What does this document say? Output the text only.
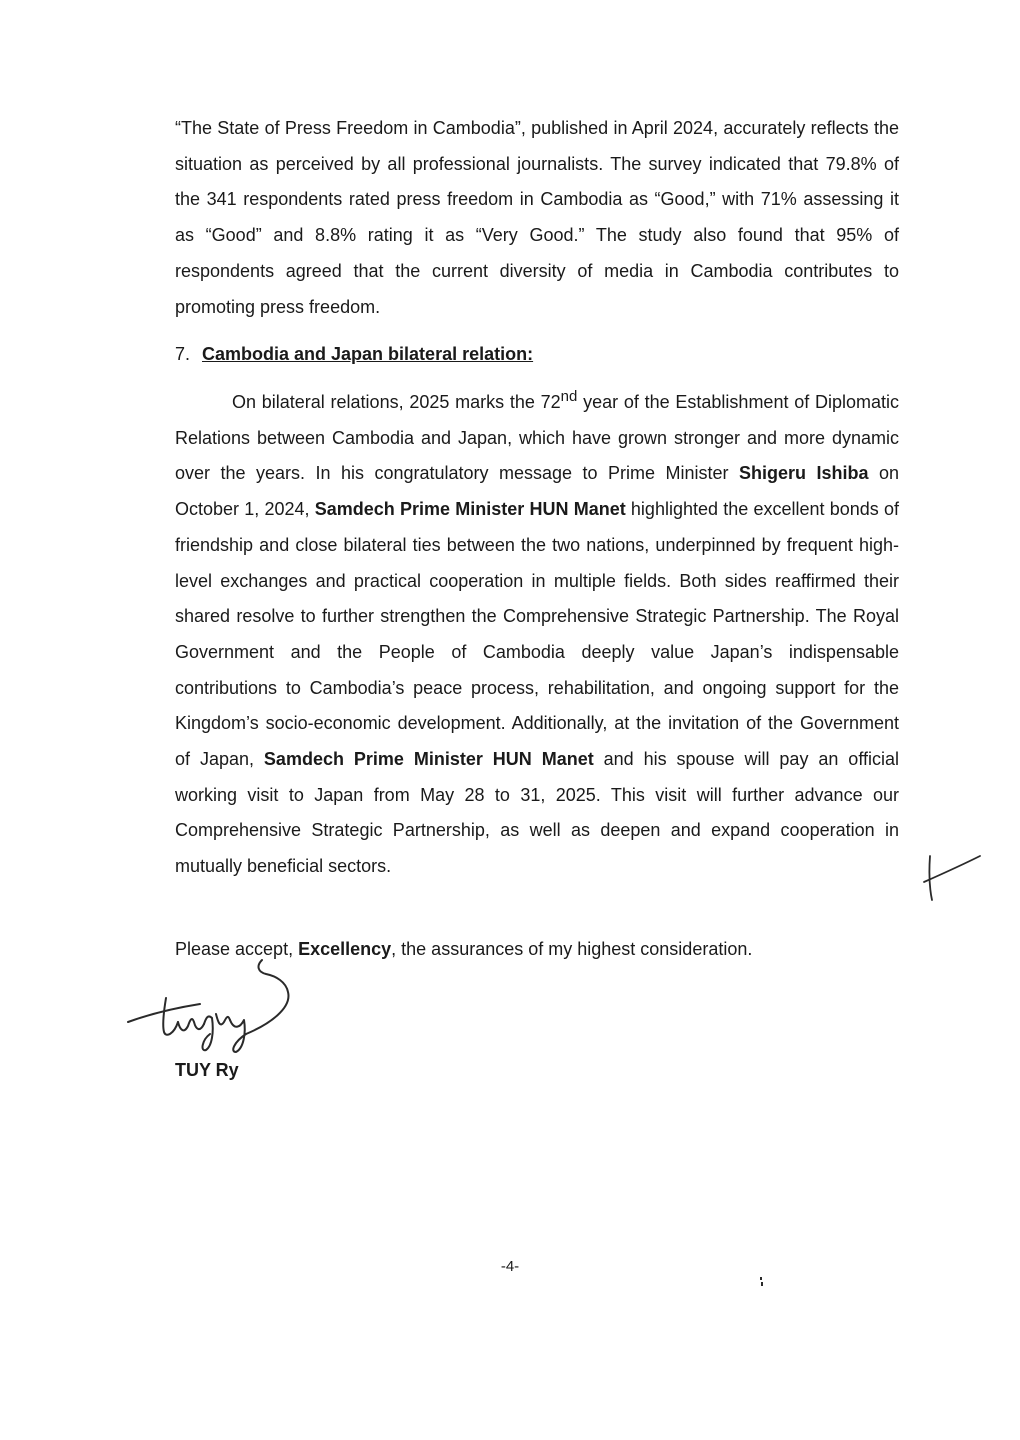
“The State of Press Freedom in Cambodia”, published in April 2024, accurately reflects the situation as perceived by all professional journalists. The survey indicated that 79.8% of the 341 respondents rated press freedom in Cambodia as “Good,” with 71% assessing it as “Good” and 8.8% rating it as “Very Good.” The study also found that 95% of respondents agreed that the current diversity of media in Cambodia contributes to promoting press freedom.

7. Cambodia and Japan bilateral relation:

On bilateral relations, 2025 marks the 72nd year of the Establishment of Diplomatic Relations between Cambodia and Japan, which have grown stronger and more dynamic over the years. In his congratulatory message to Prime Minister Shigeru Ishiba on October 1, 2024, Samdech Prime Minister HUN Manet highlighted the excellent bonds of friendship and close bilateral ties between the two nations, underpinned by frequent high-level exchanges and practical cooperation in multiple fields. Both sides reaffirmed their shared resolve to further strengthen the Comprehensive Strategic Partnership. The Royal Government and the People of Cambodia deeply value Japan’s indispensable contributions to Cambodia’s peace process, rehabilitation, and ongoing support for the Kingdom’s socio-economic development. Additionally, at the invitation of the Government of Japan, Samdech Prime Minister HUN Manet and his spouse will pay an official working visit to Japan from May 28 to 31, 2025. This visit will further advance our Comprehensive Strategic Partnership, as well as deepen and expand cooperation in mutually beneficial sectors.

Please accept, Excellency, the assurances of my highest consideration.

TUY Ry

-4-
